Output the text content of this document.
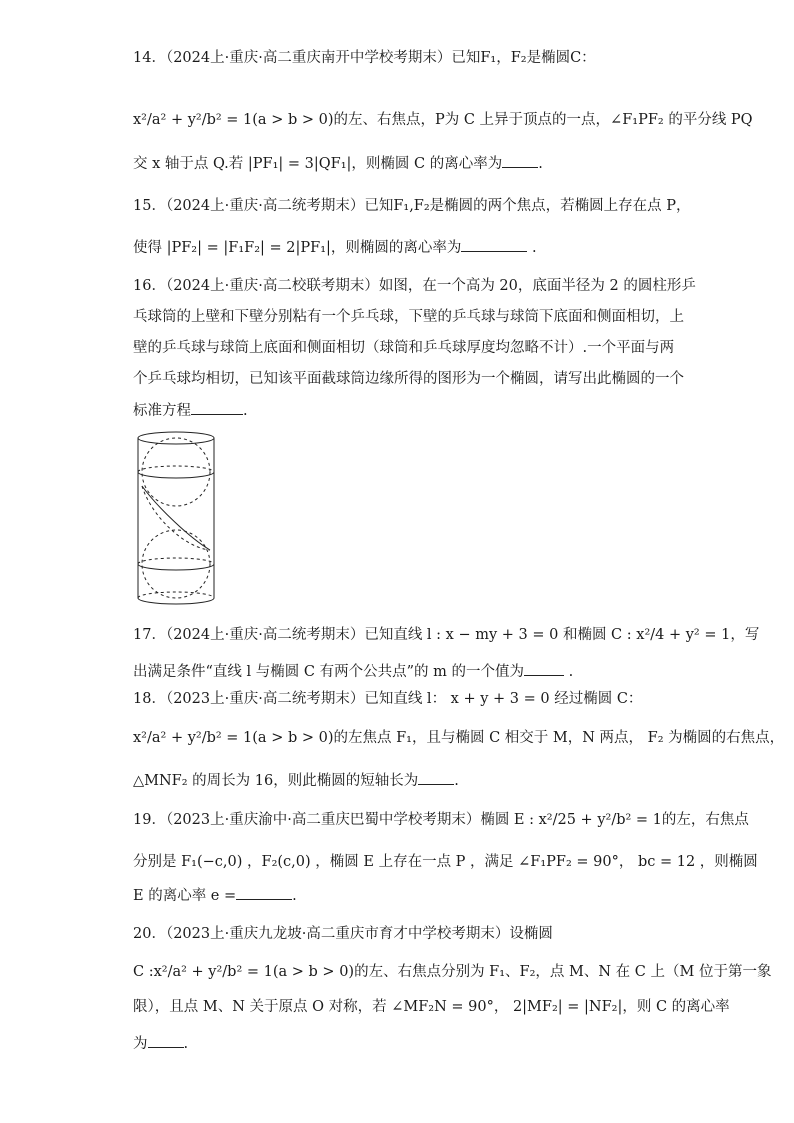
14．（2024上·重庆·高二重庆南开中学校考期末）已知F₁，F₂是椭圆C：
x²/a² + y²/b² = 1(a > b > 0)的左、右焦点，P为 C 上异于顶点的一点，∠F₁PF₂ 的平分线 PQ
交 x 轴于点 Q.若 |PF₁| = 3|QF₁|，则椭圆 C 的离心率为 .
15．（2024上·重庆·高二统考期末）已知F₁,F₂是椭圆的两个焦点，若椭圆上存在点 P，
使得 |PF₂| = |F₁F₂| = 2|PF₁|，则椭圆的离心率为	.
16．（2024上·重庆·高二校联考期末）如图，在一个高为 20，底面半径为 2 的圆柱形乒
乓球筒的上壁和下壁分别粘有一个乒乓球，下壁的乒乓球与球筒下底面和侧面相切，上
壁的乒乓球与球筒上底面和侧面相切（球筒和乒乓球厚度均忽略不计）.一个平面与两
个乒乓球均相切，已知该平面截球筒边缘所得的图形为一个椭圆，请写出此椭圆的一个
标准方程	.
17．（2024上·重庆·高二统考期末）已知直线 l : x − my + 3 = 0 和椭圆 C : x²/4 + y² = 1，写
出满足条件“直线 l 与椭圆 C 有两个公共点”的 m 的一个值为	.
18．（2023上·重庆·高二统考期末）已知直线 l： x + y + 3 = 0 经过椭圆 C：
x²/a² + y²/b² = 1(a > b > 0)的左焦点 F₁，且与椭圆 C 相交于 M，N 两点， F₂ 为椭圆的右焦点，
△MNF₂ 的周长为 16，则此椭圆的短轴长为 .
19．（2023上·重庆渝中·高二重庆巴蜀中学校考期末）椭圆 E : x²/25 + y²/b² = 1的左，右焦点
分别是 F₁(−c,0) ，F₂(c,0) ，椭圆 E 上存在一点 P ，满足 ∠F₁PF₂ = 90°， bc = 12 ，则椭圆
E 的离心率 e =	.
20．（2023上·重庆九龙坡·高二重庆市育才中学校考期末）设椭圆
C :x²/a² + y²/b² = 1(a > b > 0)的左、右焦点分别为 F₁、F₂，点 M、N 在 C 上（M 位于第一象
限），且点 M、N 关于原点 O 对称，若 ∠MF₂N = 90°， 2|MF₂| = |NF₂|，则 C 的离心率
为 .
